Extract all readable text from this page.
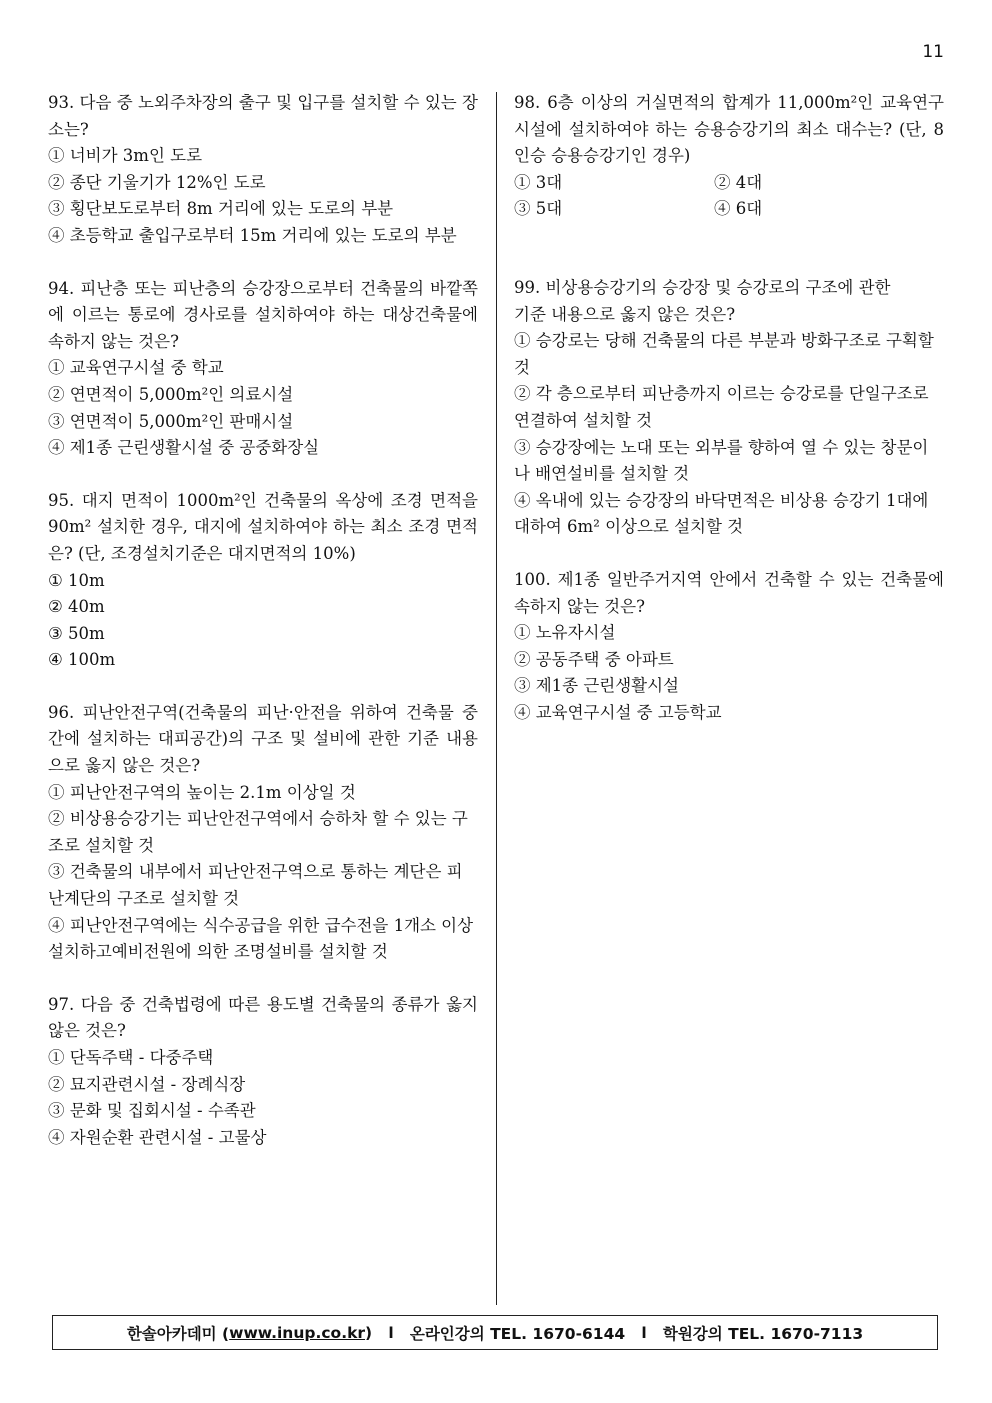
11
93. 다음 중 노외주차장의 출구 및 입구를 설치할 수 있는 장소는?
① 너비가 3m인 도로
② 종단 기울기가 12%인 도로
③ 횡단보도로부터 8m 거리에 있는 도로의 부분
④ 초등학교 출입구로부터 15m 거리에 있는 도로의 부분
94. 피난층 또는 피난층의 승강장으로부터 건축물의 바깥쪽에 이르는 통로에 경사로를 설치하여야 하는 대상건축물에 속하지 않는 것은?
① 교육연구시설 중 학교
② 연면적이 5,000m²인 의료시설
③ 연면적이 5,000m²인 판매시설
④ 제1종 근린생활시설 중 공중화장실
95. 대지 면적이 1000m²인 건축물의 옥상에 조경 면적을 90m² 설치한 경우, 대지에 설치하여야 하는 최소 조경 면적은? (단, 조경설치기준은 대지면적의 10%)
① 10m
② 40m
③ 50m
④ 100m
96. 피난안전구역(건축물의 피난·안전을 위하여 건축물 중간에 설치하는 대피공간)의 구조 및 설비에 관한 기준 내용으로 옳지 않은 것은?
① 피난안전구역의 높이는 2.1m 이상일 것
② 비상용승강기는 피난안전구역에서 승하차 할 수 있는 구조로 설치할 것
③ 건축물의 내부에서 피난안전구역으로 통하는 계단은 피난계단의 구조로 설치할 것
④ 피난안전구역에는 식수공급을 위한 급수전을 1개소 이상 설치하고예비전원에 의한 조명설비를 설치할 것
97. 다음 중 건축법령에 따른 용도별 건축물의 종류가 옳지 않은 것은?
① 단독주택 - 다중주택
② 묘지관련시설 - 장례식장
③ 문화 및 집회시설 - 수족관
④ 자원순환 관련시설 - 고물상
98. 6층 이상의 거실면적의 합계가 11,000m²인 교육연구시설에 설치하여야 하는 승용승강기의 최소 대수는? (단, 8인승 승용승강기인 경우)
① 3대	② 4대
③ 5대	④ 6대
99. 비상용승강기의 승강장 및 승강로의 구조에 관한
기준 내용으로 옳지 않은 것은?
① 승강로는 당해 건축물의 다른 부분과 방화구조로 구획할 것
② 각 층으로부터 피난층까지 이르는 승강로를 단일구조로 연결하여 설치할 것
③ 승강장에는 노대 또는 외부를 향하여 열 수 있는 창문이나 배연설비를 설치할 것
④ 옥내에 있는 승강장의 바닥면적은 비상용 승강기 1대에 대하여 6m² 이상으로 설치할 것
100. 제1종 일반주거지역 안에서 건축할 수 있는 건축물에 속하지 않는 것은?
① 노유자시설
② 공동주택 중 아파트
③ 제1종 근린생활시설
④ 교육연구시설 중 고등학교
한솔아카데미 ( www.inup.co.kr ) l 온라인강의 TEL. 1670-6144 l 학원강의 TEL. 1670-7113
